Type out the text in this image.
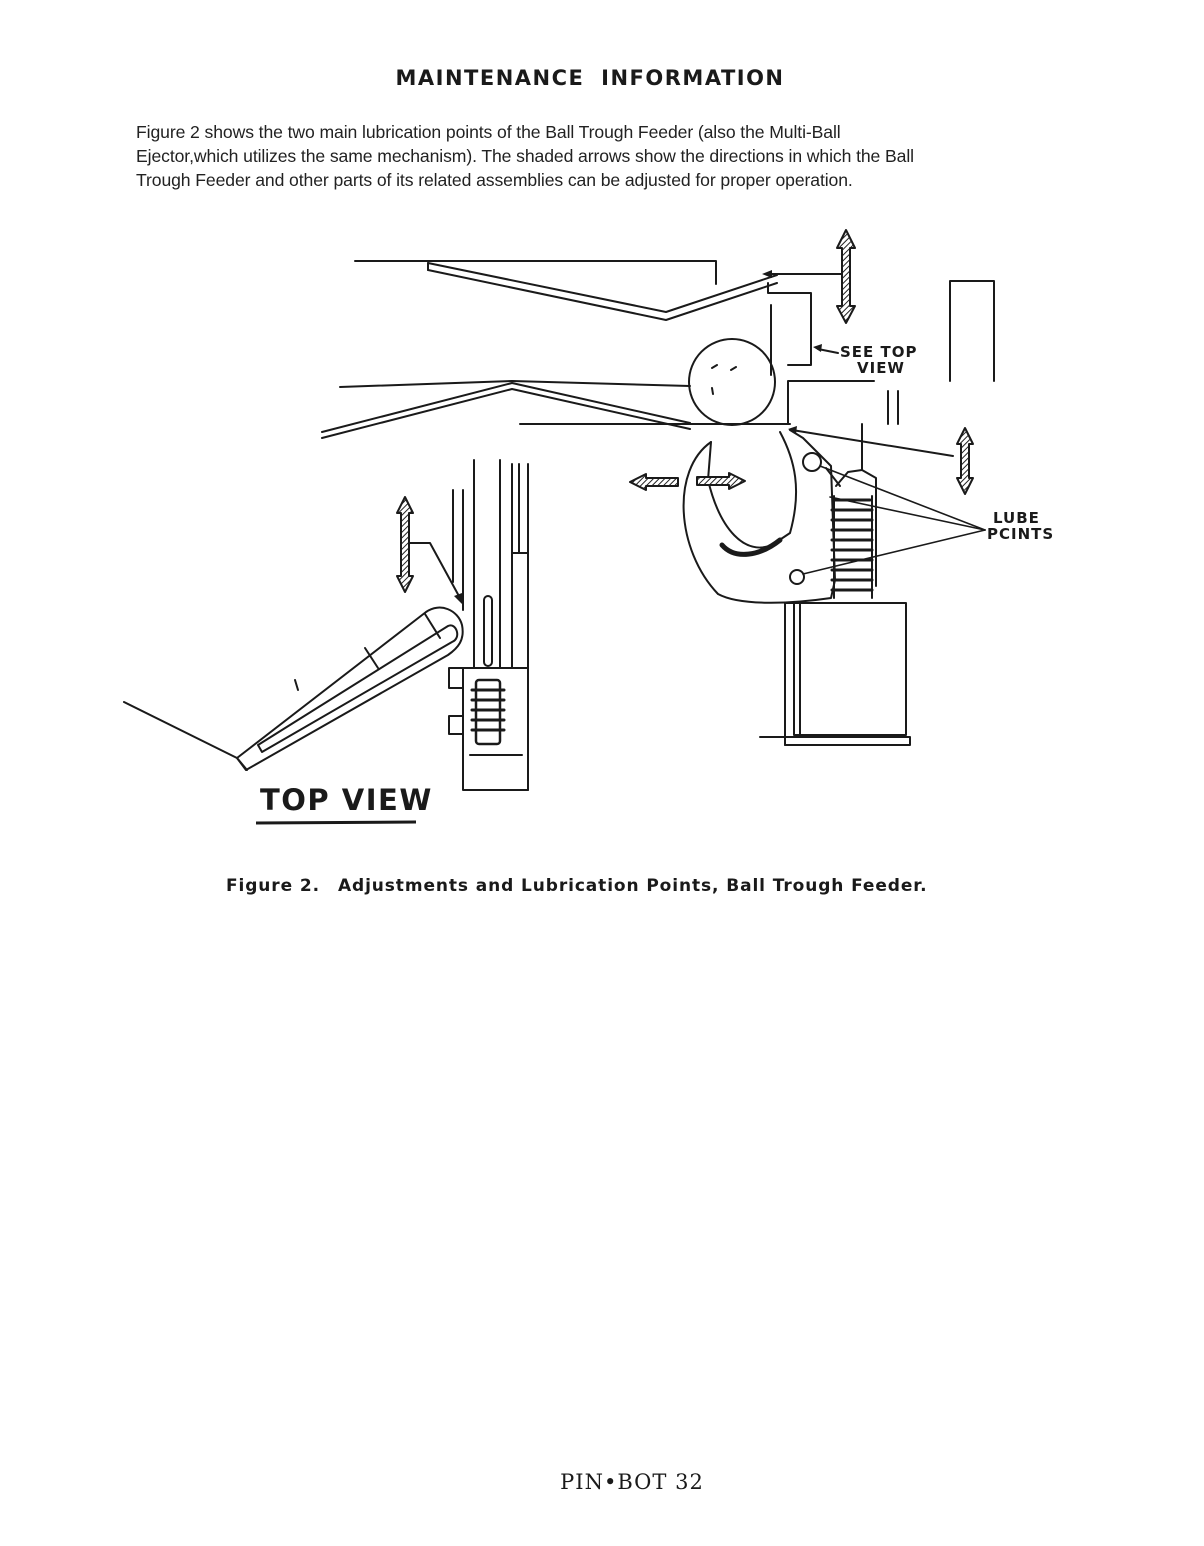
MAINTENANCE INFORMATION
Figure 2 shows the two main lubrication points of the Ball Trough Feeder (also the Multi-Ball
Ejector,which utilizes the same mechanism). The shaded arrows show the directions in which the Ball
Trough Feeder and other parts of its related assemblies can be adjusted for proper operation.
SEE TOP
VIEW
LUBE
PCINTS
TOP VIEW
Figure 2. Adjustments and Lubrication Points, Ball Trough Feeder.
PIN•BOT 32
